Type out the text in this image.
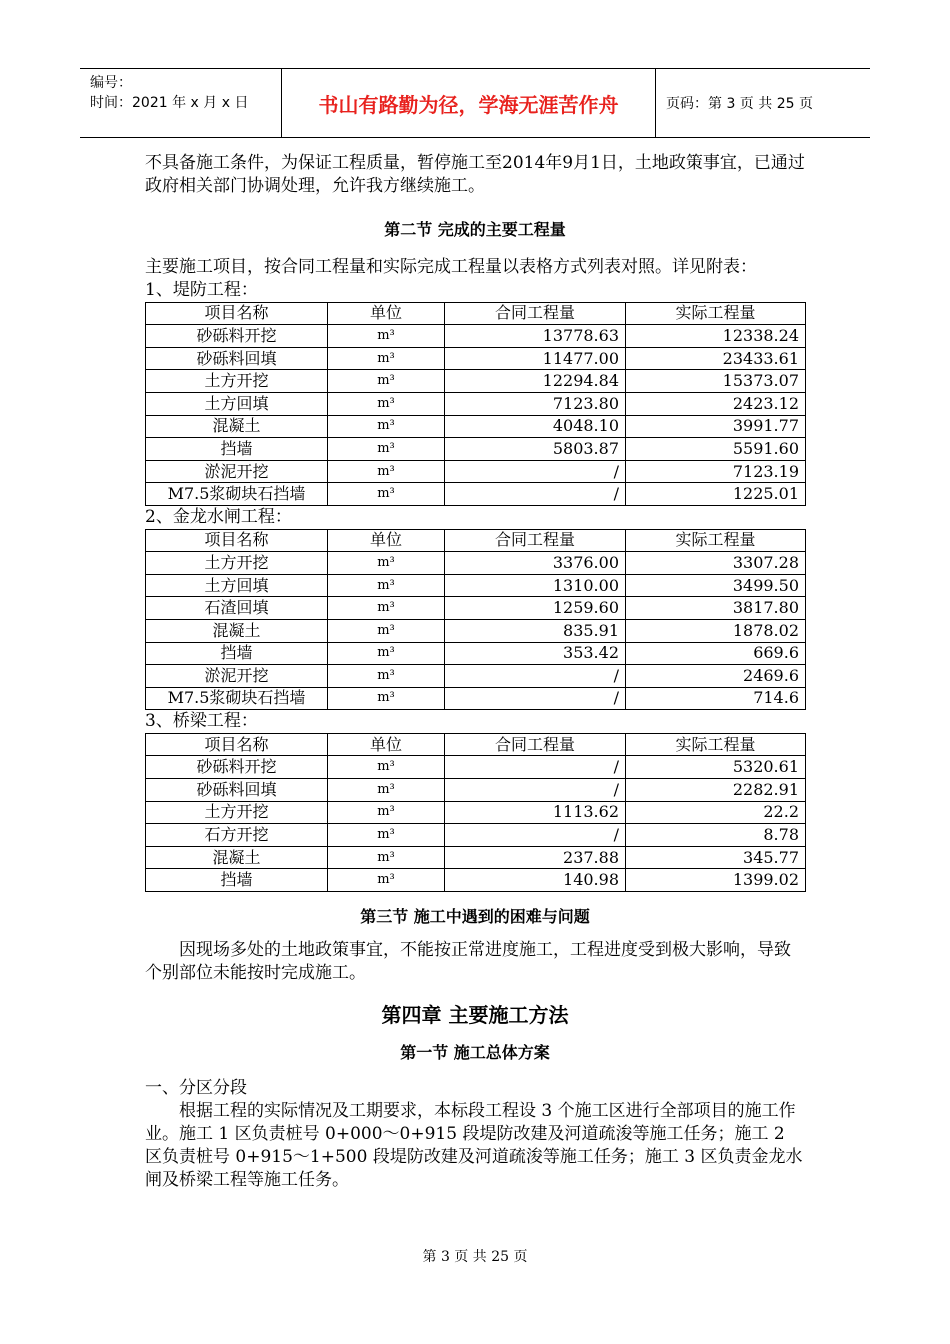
编号：
时间：2021 年 x 月 x 日	书山有路勤为径，学海无涯苦作舟	页码：第 3 页 共 25 页

不具备施工条件，为保证工程质量，暂停施工至2014年9月1日，土地政策事宜，已通过政府相关部门协调处理，允许我方继续施工。

第二节 完成的主要工程量

主要施工项目，按合同工程量和实际完成工程量以表格方式列表对照。详见附表：

1、堤防工程：
项目名称	单位	合同工程量	实际工程量
砂砾料开挖	m³	13778.63	12338.24
砂砾料回填	m³	11477.00	23433.61
土方开挖	m³	12294.84	15373.07
土方回填	m³	7123.80	2423.12
混凝土	m³	4048.10	3991.77
挡墙	m³	5803.87	5591.60
淤泥开挖	m³	/	7123.19
M7.5浆砌块石挡墙	m³	/	1225.01
2、金龙水闸工程：
项目名称	单位	合同工程量	实际工程量
土方开挖	m³	3376.00	3307.28
土方回填	m³	1310.00	3499.50
石渣回填	m³	1259.60	3817.80
混凝土	m³	835.91	1878.02
挡墙	m³	353.42	669.6
淤泥开挖	m³	/	2469.6
M7.5浆砌块石挡墙	m³	/	714.6
3、桥梁工程：
项目名称	单位	合同工程量	实际工程量
砂砾料开挖	m³	/	5320.61
砂砾料回填	m³	/	2282.91
土方开挖	m³	1113.62	22.2
石方开挖	m³	/	8.78
混凝土	m³	237.88	345.77
挡墙	m³	140.98	1399.02
第三节 施工中遇到的困难与问题

因现场多处的土地政策事宜，不能按正常进度施工，工程进度受到极大影响，导致个别部位未能按时完成施工。

第四章 主要施工方法
第一节 施工总体方案

一、分区分段

根据工程的实际情况及工期要求，本标段工程设 3 个施工区进行全部项目的施工作业。施工 1 区负责桩号 0+000～0+915 段堤防改建及河道疏浚等施工任务；施工 2 区负责桩号 0+915～1+500 段堤防改建及河道疏浚等施工任务；施工 3 区负责金龙水闸及桥梁工程等施工任务。

第 3 页 共 25 页
